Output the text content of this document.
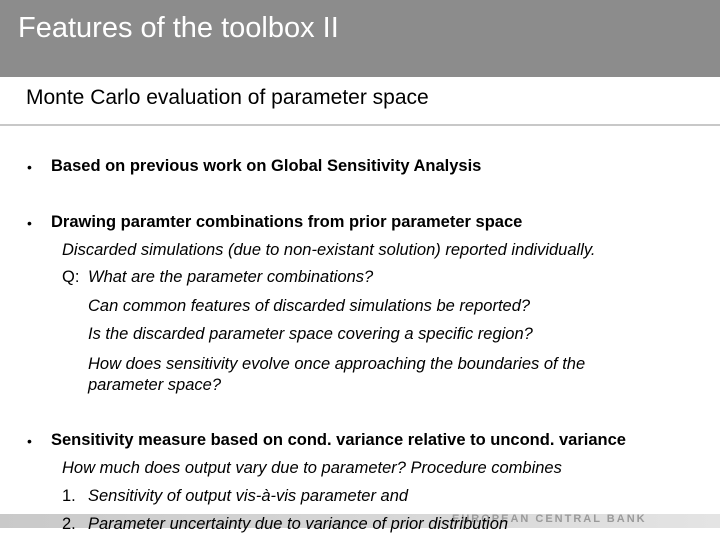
Features of the toolbox II
Monte Carlo evaluation of parameter space
• Based on previous work on Global Sensitivity Analysis
• Drawing paramter combinations from prior parameter space
Discarded simulations (due to non-existant solution) reported individually.
Q: What are the parameter combinations?
Can common features of discarded simulations be reported?
Is the discarded parameter space covering a specific region?
How does sensitivity evolve once approaching the boundaries of the parameter space?
• Sensitivity measure based on cond. variance relative to uncond. variance
How much does output vary due to parameter? Procedure combines
1. Sensitivity of output vis-à-vis parameter and
EUROPEAN CENTRAL BANK
2. Parameter uncertainty due to variance of prior distribution
